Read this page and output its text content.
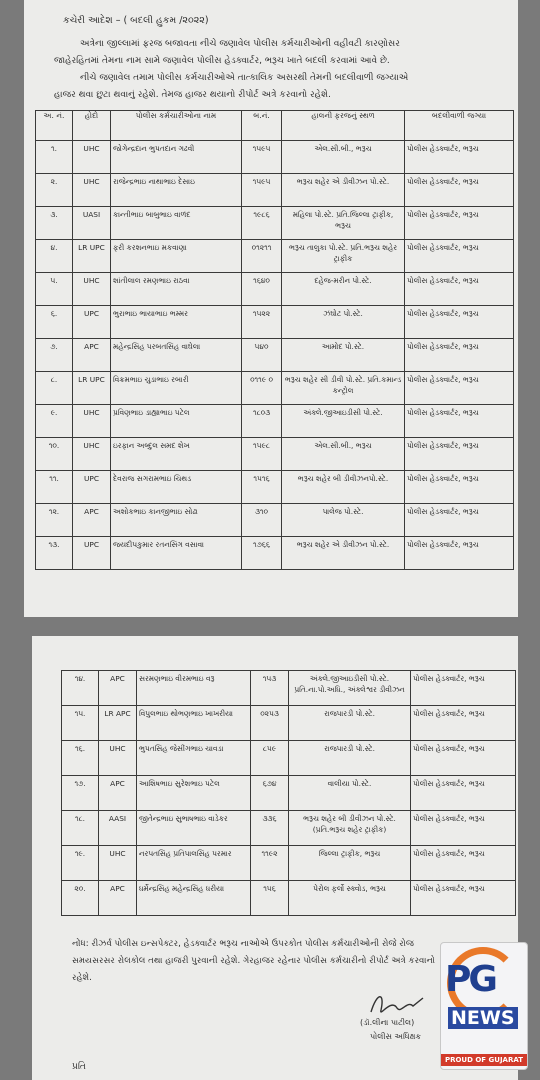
કચેરી આદેશ – ( બદલી હુકમ /૨૦૨૨)
અત્રેના જીલ્લામાં ફરજ બજાવતા નીચે જણાવેલ પોલીસ કર્મચારીઓની વહીવટી કારણોસર
જાહેરહિતમાં તેમના નામ સામે જણાવેલ પોલીસ હેડક્વાર્ટર, ભરૂચ ખાતે બદલી કરવામાં આવે છે.
નીચે જણાવેલ તમામ પોલીસ કર્મચારીઓએ તાત્કાલિક અસરથી તેમની બદલીવાળી જગ્યાએ
હાજર થવા છુટા થવાનું રહેશે. તેમજ હાજર થયાનો રીપોર્ટ અત્રે કરવાનો રહેશે.
અ. નં.	હોદો	પોલીસ કર્મચારીઓના નામ	બ.નં.	હાલની ફરજનું સ્થળ	બદલીવાળી જગ્યા
૧.	UHC	જોગેન્દ્રદાન ભુપતદાન ગઢવી	૧૫૯૫	એલ.સી.બી., ભરૂચ	પોલીસ હેડક્વાર્ટર, ભરૂચ
૨.	UHC	રાજેન્દ્રભાઇ નાથાભાઇ દેસાઇ	૧૫૯૫	ભરૂચ શહેર એ ડીવીઝન પો.સ્ટે.	પોલીસ હેડક્વાર્ટર, ભરૂચ
૩.	UASI	કાન્તીભાઇ બાબુભાઇ વાળંદ	૧૯૮૬	મહિલા પો.સ્ટે. પ્રતિ.જિલ્લા ટ્રાફીક, ભરૂચ	પોલીસ હેડક્વાર્ટર, ભરૂચ
૪.	LR UPC	ફરી કરશનભાઇ મકવાણા	૦૧૨૧૧	ભરૂચ તાલુકા પો.સ્ટે. પ્રતિ.ભરૂચ શહેર ટ્રાફીક	પોલીસ હેડક્વાર્ટર, ભરૂચ
૫.	UHC	શાંતીલાલ રમણભાઇ રાઠવા	૧૬૪૦	દહેજ-મરીન પો.સ્ટે.	પોલીસ હેડક્વાર્ટર, ભરૂચ
૬.	UPC	ભુરાભાઇ ભાયાભાઇ ભમ્મર	૧૫૨૨	ઝંઘોટ પો.સ્ટે.	પોલીસ હેડક્વાર્ટર, ભરૂચ
૭.	APC	મહેન્દ્રસિંહ પરબતસિંહ વાઘેલા	૫૪૦	આમોદ પો.સ્ટે.	પોલીસ હેડક્વાર્ટર, ભરૂચ
૮.	LR UPC	વિક્રમભાઇ ચુડાભાઇ રબારી	૦૧૧૯ ૦	ભરૂચ શહેર સી ડીવી પો.સ્ટે. પ્રતિ.કમાન્ડ કન્ટ્રોલ	પોલીસ હેડક્વાર્ટર, ભરૂચ
૯.	UHC	પ્રવિણભાઇ ડાહ્યાભાઇ પટેલ	૧૮૦૩	અંક્લે.જીઆઇડીસી પો.સ્ટે.	પોલીસ હેડક્વાર્ટર, ભરૂચ
૧૦.	UHC	ઇરફાન અબ્દુલ સમદ શેખ	૧૫૯૮	એલ.સી.બી., ભરૂચ	પોલીસ હેડક્વાર્ટર, ભરૂચ
૧૧.	UPC	દેવરાજ સગરામભાઇ ચિથડ	૧૫૧૬	ભરૂચ શહેર બી ડીવીઝનપો.સ્ટે.	પોલીસ હેડક્વાર્ટર, ભરૂચ
૧૨.	APC	અશોકભાઇ કાનજીભાઇ સોઢા	૩૧૦	પાલેજ પો.સ્ટે.	પોલીસ હેડક્વાર્ટર, ભરૂચ
૧૩.	UPC	જયદીપકુમાર રતનસિંગ વસાવા	૧૭૬૬	ભરૂચ શહેર એ ડીવીઝન પો.સ્ટે.	પોલીસ હેડક્વાર્ટર, ભરૂચ
૧૪.	APC	સરમણભાઇ વીરમભાઇ વરૂ	૧૫૩	અંક્લે.જીઆઇડીસી પો.સ્ટે. પ્રતિ.ના.પો.અધિ., અંક્લેશ્વર ડીવીઝન	પોલીસ હેડક્વાર્ટર, ભરૂચ
૧૫.	LR APC	વિપુલભાઇ થોભણભાઇ ખાખરીયા	૦૨૫૩	રાજપારડી પો.સ્ટે.	પોલીસ હેડક્વાર્ટર, ભરૂચ
૧૬.	UHC	ભુપતસિંહ જેસીંગભાઇ ચાવડા	૮૫૯	રાજપારડી પો.સ્ટે.	પોલીસ હેડક્વાર્ટર, ભરૂચ
૧૭.	APC	આશિષભાઇ સુરેશભાઇ પટેલ	૬૭૪	વાલીયા પો.સ્ટે.	પોલીસ હેડક્વાર્ટર, ભરૂચ
૧૮.	AASI	જીતેન્દ્રભાઇ સુભાષભાઇ વાડેકર	૩૩૬	ભરૂચ શહેર બી ડીવીઝન પો.સ્ટે. (પ્રતિ.ભરૂચ શહેર ટ્રાફીક)	પોલીસ હેડક્વાર્ટર, ભરૂચ
૧૯.	UHC	નરપતસિંહ પ્રતિપાલસિંહ પરમાર	૧૧૯૨	જિલ્લા ટ્રાફીક, ભરૂચ	પોલીસ હેડક્વાર્ટર, ભરૂચ
૨૦.	APC	ધર્મેન્દ્રસિંહ મહેન્દ્રસિંહ ધરીયા	૧૫૬	પેરોલ ફર્લો સ્ક્વોડ, ભરૂચ	પોલીસ હેડક્વાર્ટર, ભરૂચ
નોંધ: રીઝર્વ પોલીસ ઇન્સપેક્ટર, હેડક્વાર્ટર ભરૂચ નાઓએ ઉપરકોત પોલીસ કર્મચારીઓની રોજે રોજ
સમયસરસર રોલકોલ તથા હાજરી પુરવાની રહેશે. ગેરહાજર રહેનાર પોલીસ કર્મચારીનો રીપોર્ટ અત્રે કરવાનો
રહેશે.
(ડૉ.લીના પાટીલ)
પોલીસ અધિક્ષક
પ્રતિ
PG
NEWS
PROUD OF GUJARAT
